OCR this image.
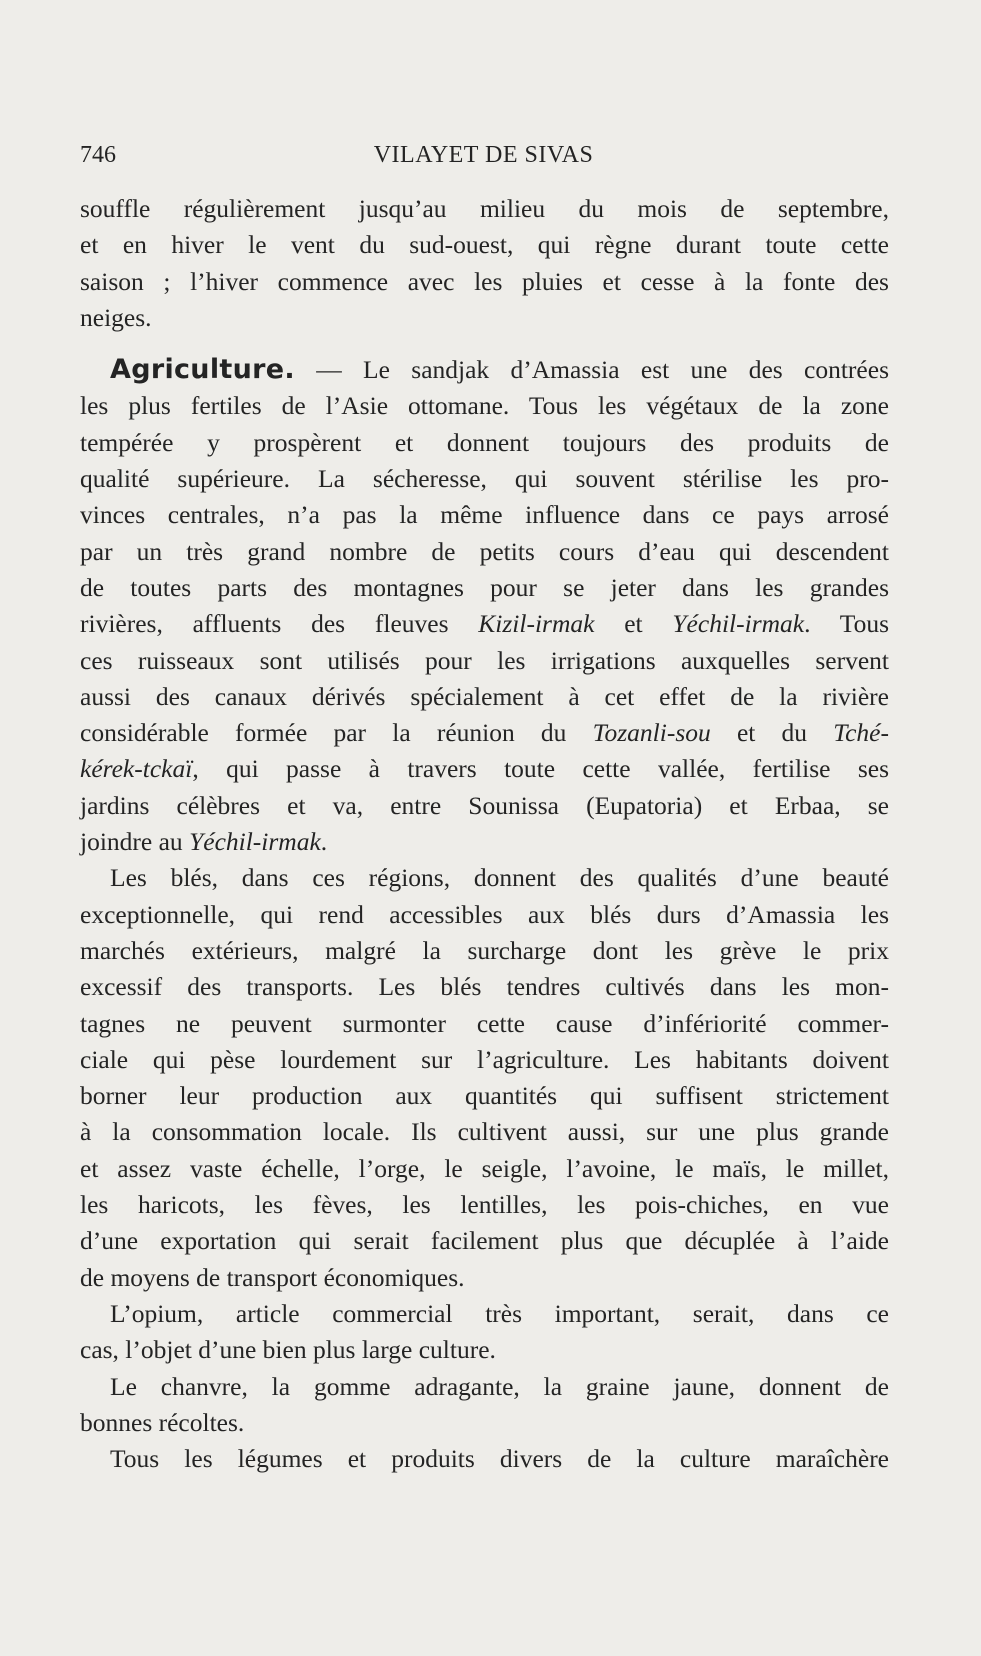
746	VILAYET DE SIVAS
souffle régulièrement jusqu’au milieu du mois de septembre,
et en hiver le vent du sud-ouest, qui règne durant toute cette
saison ; l’hiver commence avec les pluies et cesse à la fonte des
neiges.
Agriculture. — Le sandjak d’Amassia est une des contrées
les plus fertiles de l’Asie ottomane. Tous les végétaux de la zone
tempérée y prospèrent et donnent toujours des produits de
qualité supérieure. La sécheresse, qui souvent stérilise les pro-
vinces centrales, n’a pas la même influence dans ce pays arrosé
par un très grand nombre de petits cours d’eau qui descendent
de toutes parts des montagnes pour se jeter dans les grandes
rivières, affluents des fleuves Kizil-irmak et Yéchil-irmak. Tous
ces ruisseaux sont utilisés pour les irrigations auxquelles servent
aussi des canaux dérivés spécialement à cet effet de la rivière
considérable formée par la réunion du Tozanli-sou et du Tché-
kérek-tckaï, qui passe à travers toute cette vallée, fertilise ses
jardins célèbres et va, entre Sounissa (Eupatoria) et Erbaa, se
joindre au Yéchil-irmak.
Les blés, dans ces régions, donnent des qualités d’une beauté
exceptionnelle, qui rend accessibles aux blés durs d’Amassia les
marchés extérieurs, malgré la surcharge dont les grève le prix
excessif des transports. Les blés tendres cultivés dans les mon-
tagnes ne peuvent surmonter cette cause d’infériorité commer-
ciale qui pèse lourdement sur l’agriculture. Les habitants doivent
borner leur production aux quantités qui suffisent strictement
à la consommation locale. Ils cultivent aussi, sur une plus grande
et assez vaste échelle, l’orge, le seigle, l’avoine, le maïs, le millet,
les haricots, les fèves, les lentilles, les pois-chiches, en vue
d’une exportation qui serait facilement plus que décuplée à l’aide
de moyens de transport économiques.
L’opium, article commercial très important, serait, dans ce
cas, l’objet d’une bien plus large culture.
Le chanvre, la gomme adragante, la graine jaune, donnent de
bonnes récoltes.
Tous les légumes et produits divers de la culture maraîchère
